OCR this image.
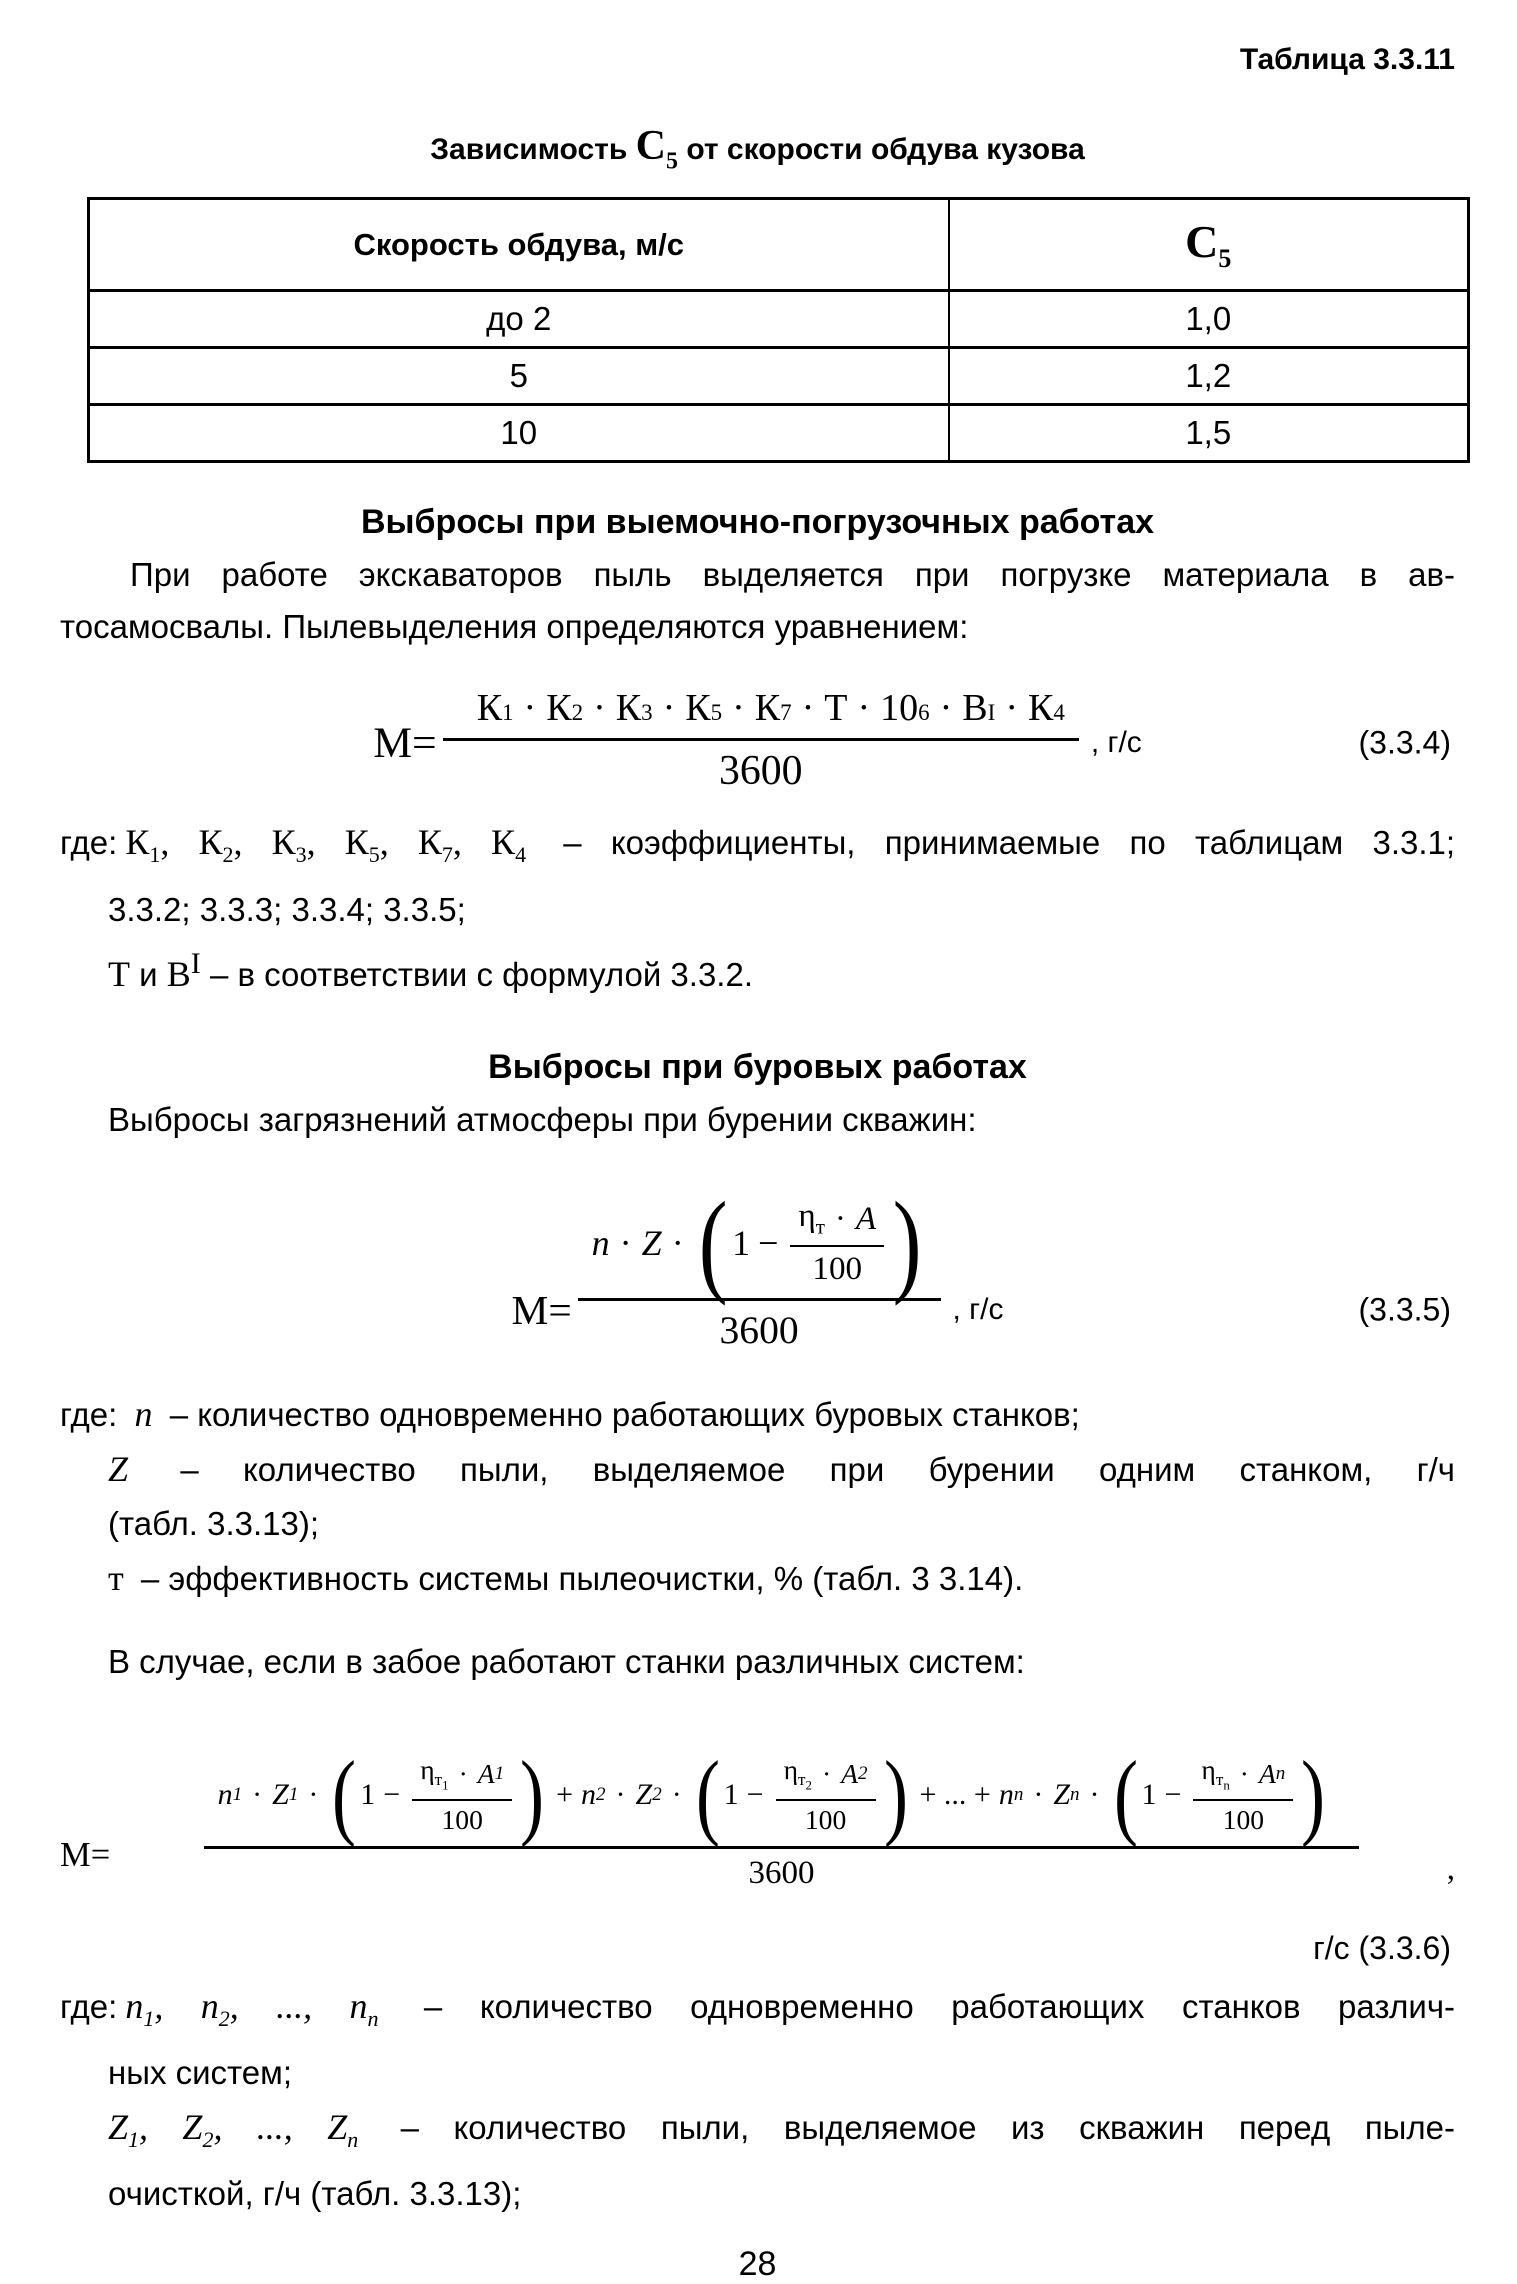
Таблица 3.3.11
Зависимость $С_5$ от скорости обдува кузова
Скорость обдува, м/с	$С_5$
до 2	1,0
5	1,2
10	1,5
Выбросы при выемочно-погрузочных работах
При работе экскаваторов пыль выделяется при погрузке материала в ав-
тосамосвалы. Пылевыделения определяются уравнением:
М=
К 1 · К 2 · К 3 · К 5 · К 7 · Т · 10 6 · В I · К 4
3600
, г/с	(3.3.4)
где: $К_1$, $К_2$, $К_3$, $К_5$, $К_7$, $К_4$ – коэффициенты, принимаемые по таблицам 3.3.1;
3.3.2; 3.3.3; 3.3.4; 3.3.5;
Т и $В^I$ – в соответствии с формулой 3.3.2.
Выбросы при буровых работах
Выбросы загрязнений атмосферы при бурении скважин:
М=
n · Z · ( $1 - \frac{\eta_т \cdot A}{100}$ )
3600	, г/с	(3.3.5)
где: n – количество одновременно работающих буровых станков;
Z – количество пыли, выделяемое при бурении одним станком, г/ч
(табл. 3.3.13);
т – эффективность системы пылеочистки, % (табл. 3 3.14).
В случае, если в забое работают станки различных систем:
М=
n 1 · Z 1 · ( $1 - \frac{\eta_{т_1} \cdot A 1}{100}$ ) + n 2 · Z 2 · ( $1 - \frac{\eta_{т_2} \cdot A 2}{100}$ ) + ... + n n · Z n · ( $1 - \frac{\eta_{т_n} \cdot A n}{100}$ )
3600	,
г/с (3.3.6)
где: $n_1$, $n_2$, ..., $n_n$ – количество одновременно работающих станков различ-
ных систем;
$Z_1$, $Z_2$, ..., $Z_n$ – количество пыли, выделяемое из скважин перед пыле-
очисткой, г/ч (табл. 3.3.13);
28
